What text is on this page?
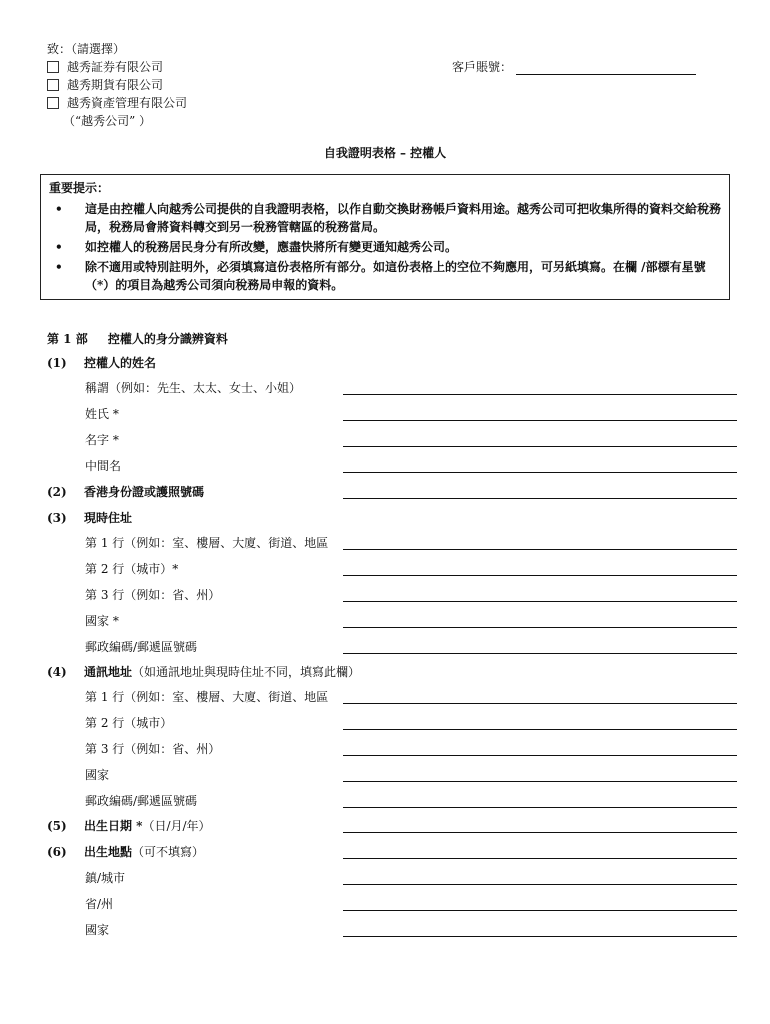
致：（請選擇）
越秀証券有限公司
越秀期貨有限公司
越秀資產管理有限公司
（“越秀公司” ）
客戶賬號：
自我證明表格 – 控權人
重要提示：
• 這是由控權人向越秀公司提供的自我證明表格，以作自動交換財務帳戶資料用途。越秀公司可把收集所得的資料交給稅務局，稅務局會將資料轉交到另一稅務管轄區的稅務當局。
• 如控權人的稅務居民身分有所改變，應盡快將所有變更通知越秀公司。
• 除不適用或特別註明外，必須填寫這份表格所有部分。如這份表格上的空位不夠應用，可另紙填寫。在欄 /部標有星號（*）的項目為越秀公司須向稅務局申報的資料。
第 1 部 控權人的身分識辨資料
(1) 控權人的姓名
稱謂（例如：先生、太太、女士、小姐）
姓氏 *
名字 *
中間名
(2) 香港身份證或護照號碼
(3) 現時住址
第 1 行（例如：室、樓層、大廈、街道、地區
第 2 行（城市）*
第 3 行（例如：省、州）
國家 *
郵政編碼/郵遞區號碼
(4) 通訊地址（如通訊地址與現時住址不同，填寫此欄）
第 1 行（例如：室、樓層、大廈、街道、地區
第 2 行（城市）
第 3 行（例如：省、州）
國家
郵政編碼/郵遞區號碼
(5) 出生日期 *（日/月/年）
(6) 出生地點（可不填寫）
鎮/城市
省/州
國家
